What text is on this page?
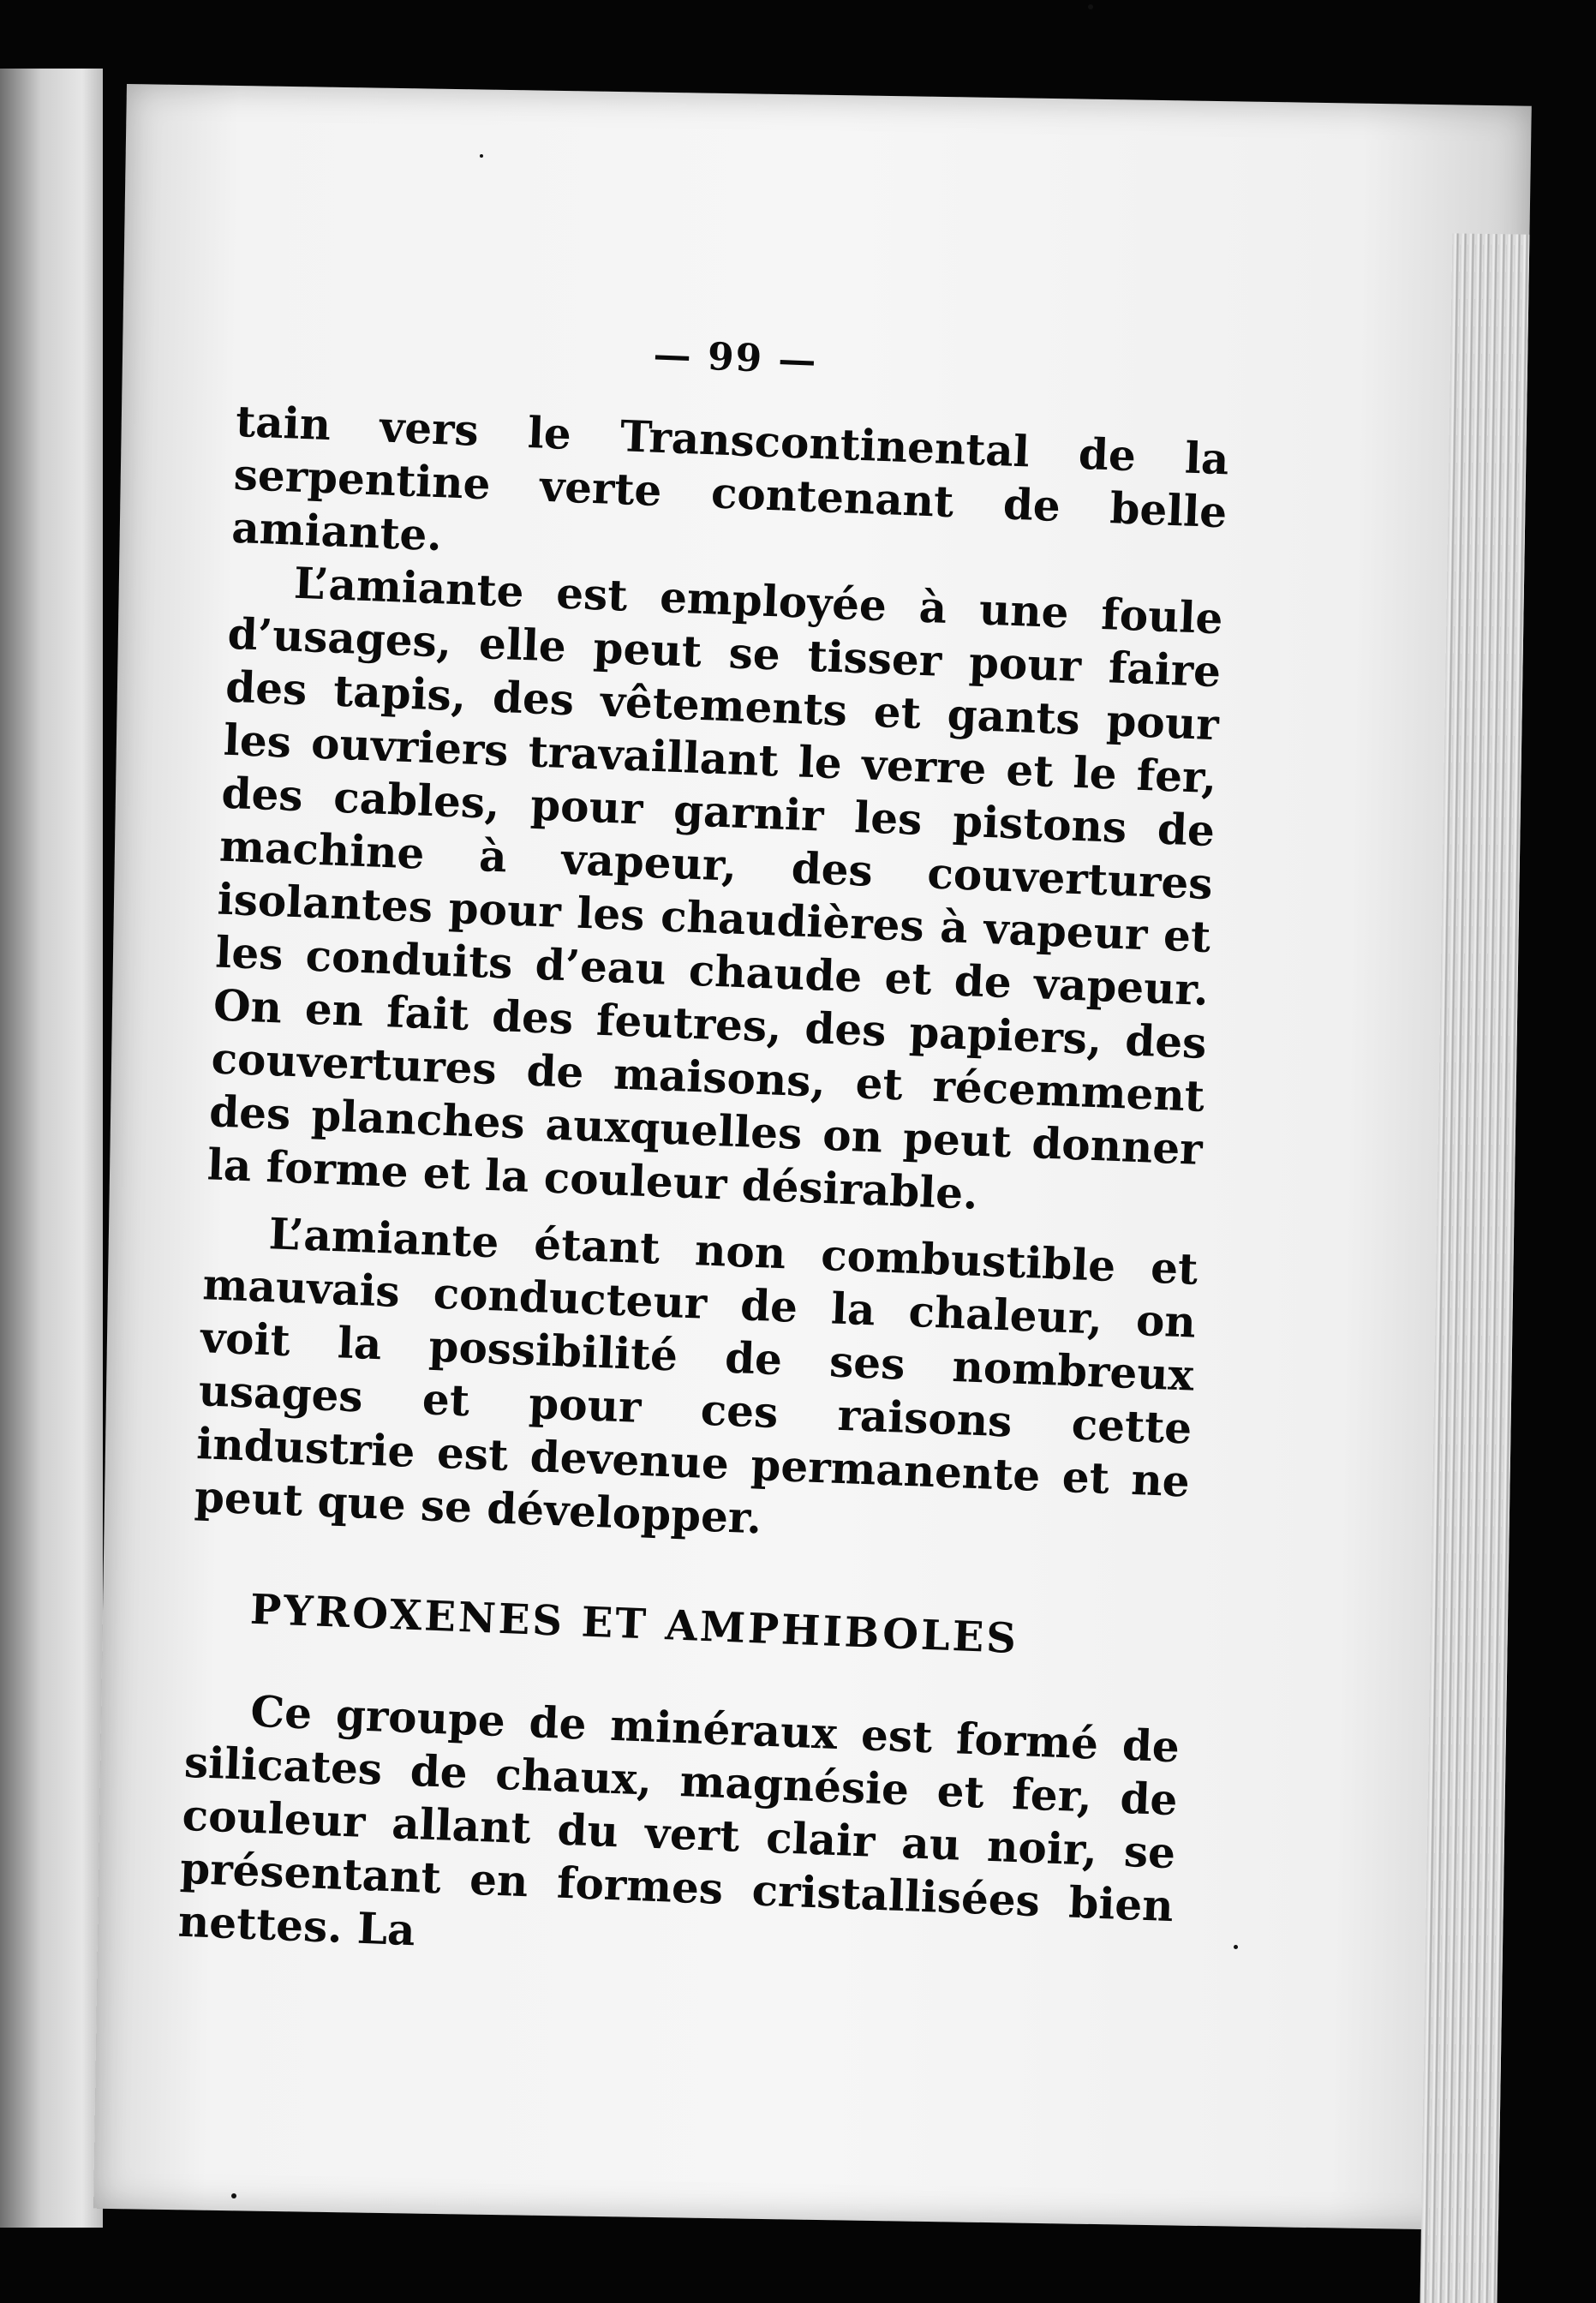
— 99 —

tain vers le Transcontinental de la serpentine verte contenant de belle amiante.

L’amiante est employée à une foule d’usages, elle peut se tisser pour faire des tapis, des vêtements et gants pour les ouvriers travaillant le verre et le fer, des cables, pour garnir les pistons de machine à vapeur, des couvertures isolantes pour les chaudières à vapeur et les conduits d’eau chaude et de vapeur. On en fait des feutres, des papiers, des couvertures de maisons, et récemment des planches auxquelles on peut donner la forme et la couleur désirable.

L’amiante étant non combustible et mauvais conducteur de la chaleur, on voit la possibilité de ses nombreux usages et pour ces raisons cette industrie est devenue permanente et ne peut que se développer.

PYROXENES ET AMPHIBOLES

Ce groupe de minéraux est formé de silicates de chaux, magnésie et fer, de couleur allant du vert clair au noir, se présentant en formes cristallisées bien nettes. La
